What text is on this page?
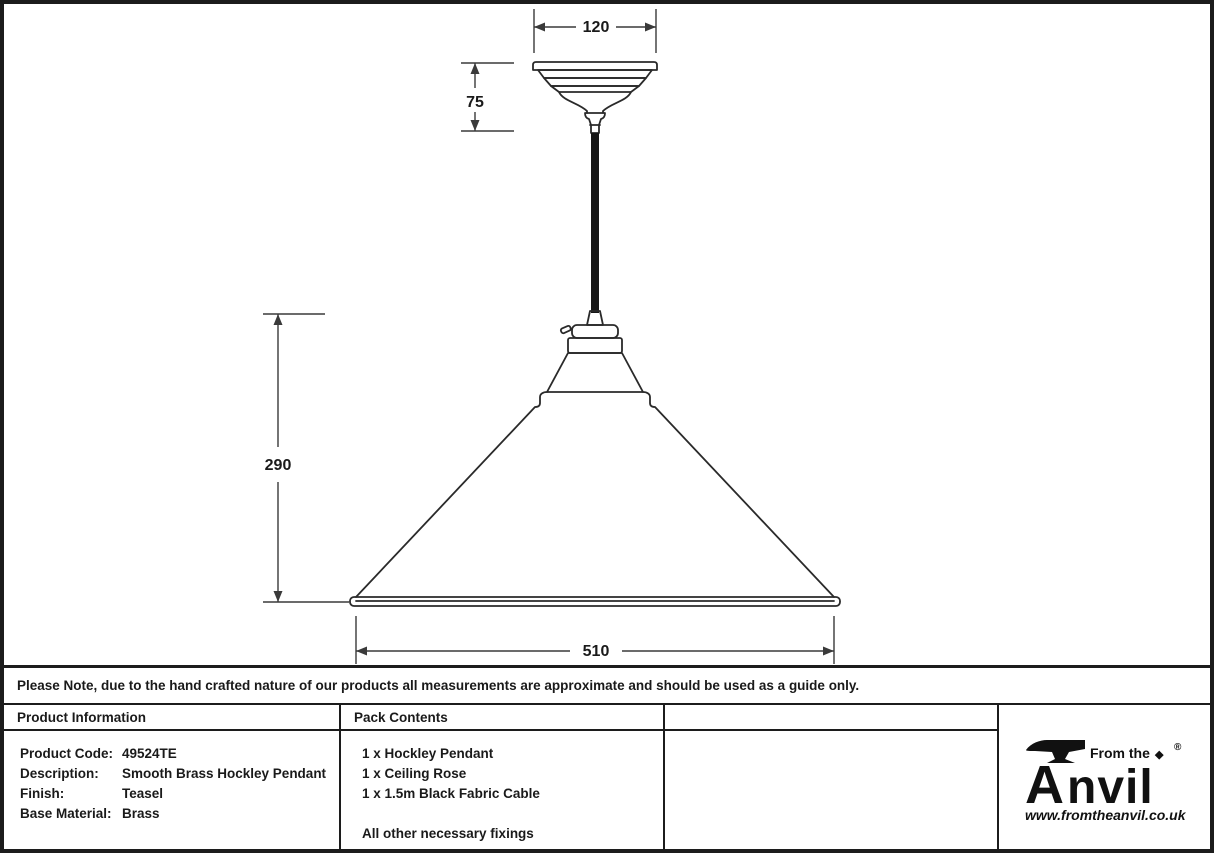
120
75
290
510
Please Note, due to the hand crafted nature of our products all measurements are approximate and should be used as a guide only.
Product Information	Pack Contents
A nvil
From the ◆
®
www.fromtheanvil.co.uk
Product Code: 49524TE
Description:	Smooth Brass Hockley Pendant
Finish:	Teasel
Base Material: Brass
1 x Hockley Pendant
1 x Ceiling Rose
1 x 1.5m Black Fabric Cable
All other necessary fixings
